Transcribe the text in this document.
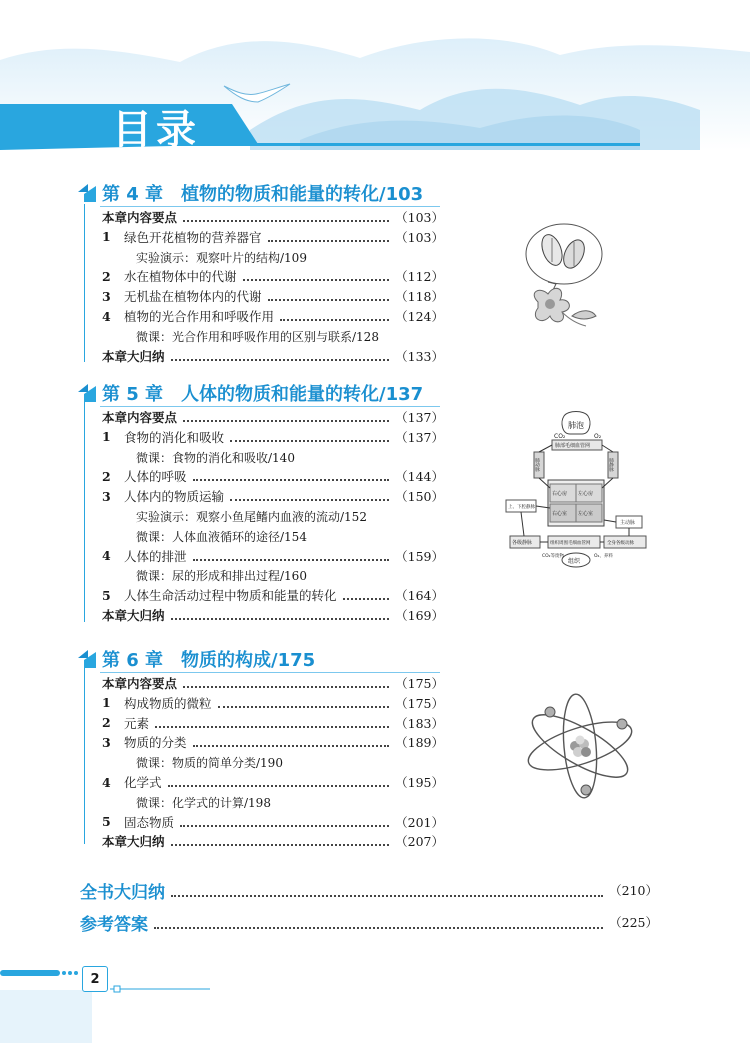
目录
第 4 章　植物的物质和能量的转化/103
本章内容要点	（103）
1	绿色开花植物的营养器官	（103）
实验演示：观察叶片的结构/109
2	水在植物体中的代谢	（112）
3	无机盐在植物体内的代谢	（118）
4	植物的光合作用和呼吸作用	（124）
微课：光合作用和呼吸作用的区别与联系/128
本章大归纳	（133）
第 5 章　人体的物质和能量的转化/137
本章内容要点	（137）
1	食物的消化和吸收	（137）
微课：食物的消化和吸收/140
2	人体的呼吸	（144）
3	人体内的物质运输	（150）
实验演示：观察小鱼尾鳍内血液的流动/152
微课：人体血液循环的途径/154
4	人体的排泄	（159）
微课：尿的形成和排出过程/160
5	人体生命活动过程中物质和能量的转化	（164）
本章大归纳	（169）
第 6 章　物质的构成/175
本章内容要点	（175）
1	构成物质的微粒	（175）
2	元素	（183）
3	物质的分类	（189）
微课：物质的简单分类/190
4	化学式	（195）
微课：化学式的计算/198
5	固态物质	（201）
本章大归纳	（207）
全书大归纳	（210）
参考答案	（225）
肺泡
CO₂	O₂
肺部毛细血管网
肺动脉	肺静脉
上、下腔静脉
右心房 左心房
右心室 左心室
主动脉
各级静脉	组织周围毛细血管网	全身各级动脉
组织
CO₂等废物	O₂、养料
2
